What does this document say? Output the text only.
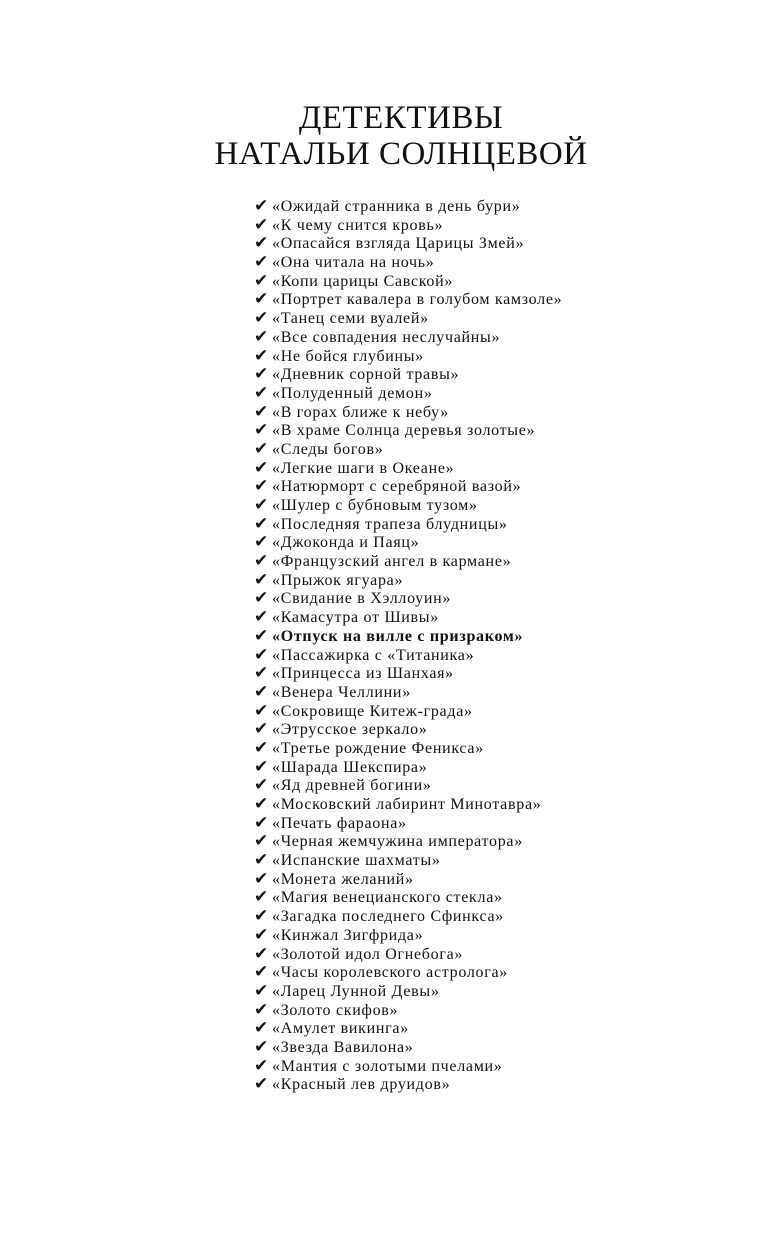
ДЕТЕКТИВЫ
НАТАЛЬИ СОЛНЦЕВОЙ
✔ «Ожидай странника в день бури»
✔ «К чему снится кровь»
✔ «Опасайся взгляда Царицы Змей»
✔ «Она читала на ночь»
✔ «Копи царицы Савской»
✔ «Портрет кавалера в голубом камзоле»
✔ «Танец семи вуалей»
✔ «Все совпадения неслучайны»
✔ «Не бойся глубины»
✔ «Дневник сорной травы»
✔ «Полуденный демон»
✔ «В горах ближе к небу»
✔ «В храме Солнца деревья золотые»
✔ «Следы богов»
✔ «Легкие шаги в Океане»
✔ «Натюрморт с серебряной вазой»
✔ «Шулер с бубновым тузом»
✔ «Последняя трапеза блудницы»
✔ «Джоконда и Паяц»
✔ «Французский ангел в кармане»
✔ «Прыжок ягуара»
✔ «Свидание в Хэллоуин»
✔ «Камасутра от Шивы»
✔ «Отпуск на вилле с призраком»
✔ «Пассажирка с «Титаника»
✔ «Принцесса из Шанхая»
✔ «Венера Челлини»
✔ «Сокровище Китеж-града»
✔ «Этрусское зеркало»
✔ «Третье рождение Феникса»
✔ «Шарада Шекспира»
✔ «Яд древней богини»
✔ «Московский лабиринт Минотавра»
✔ «Печать фараона»
✔ «Черная жемчужина императора»
✔ «Испанские шахматы»
✔ «Монета желаний»
✔ «Магия венецианского стекла»
✔ «Загадка последнего Сфинкса»
✔ «Кинжал Зигфрида»
✔ «Золотой идол Огнебога»
✔ «Часы королевского астролога»
✔ «Ларец Лунной Девы»
✔ «Золото скифов»
✔ «Амулет викинга»
✔ «Звезда Вавилона»
✔ «Мантия с золотыми пчелами»
✔ «Красный лев друидов»
